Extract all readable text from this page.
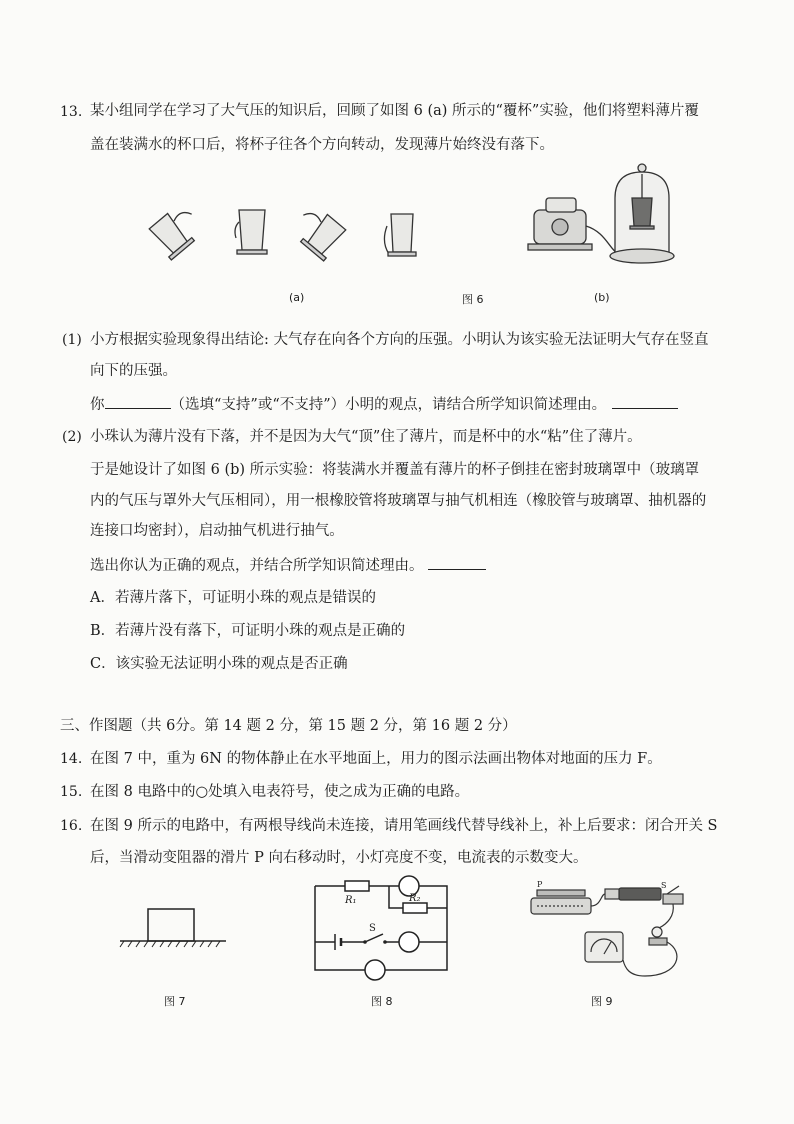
13. 某小组同学在学习了大气压的知识后，回顾了如图 6 (a) 所示的“覆杯”实验，他们将塑料薄片覆
盖在装满水的杯口后，将杯子往各个方向转动，发现薄片始终没有落下。
(a)	图 6	(b)
(1) 小方根据实验现象得出结论: 大气存在向各个方向的压强。小明认为该实验无法证明大气存在竖直
向下的压强。
你	（选填“支持”或“不支持”）小明的观点，请结合所学知识简述理由。
(2) 小珠认为薄片没有下落，并不是因为大气“顶”住了薄片，而是杯中的水“粘”住了薄片。
于是她设计了如图 6 (b) 所示实验：将装满水并覆盖有薄片的杯子倒挂在密封玻璃罩中（玻璃罩
内的气压与罩外大气压相同），用一根橡胶管将玻璃罩与抽气机相连（橡胶管与玻璃罩、抽机器的
连接口均密封），启动抽气机进行抽气。
选出你认为正确的观点，并结合所学知识简述理由。
A．若薄片落下，可证明小珠的观点是错误的
B．若薄片没有落下，可证明小珠的观点是正确的
C．该实验无法证明小珠的观点是否正确
三、作图题（共 6分。第 14 题 2 分，第 15 题 2 分，第 16 题 2 分）
14. 在图 7 中，重为 6N 的物体静止在水平地面上，用力的图示法画出物体对地面的压力 F。
15. 在图 8 电路中的○处填入电表符号，使之成为正确的电路。
16. 在图 9 所示的电路中，有两根导线尚未连接，请用笔画线代替导线补上，补上后要求：闭合开关 S
后，当滑动变阻器的滑片 P 向右移动时，小灯亮度不变，电流表的示数变大。
图 7
R₁	R₂
S
图 8
P	S
图 9
